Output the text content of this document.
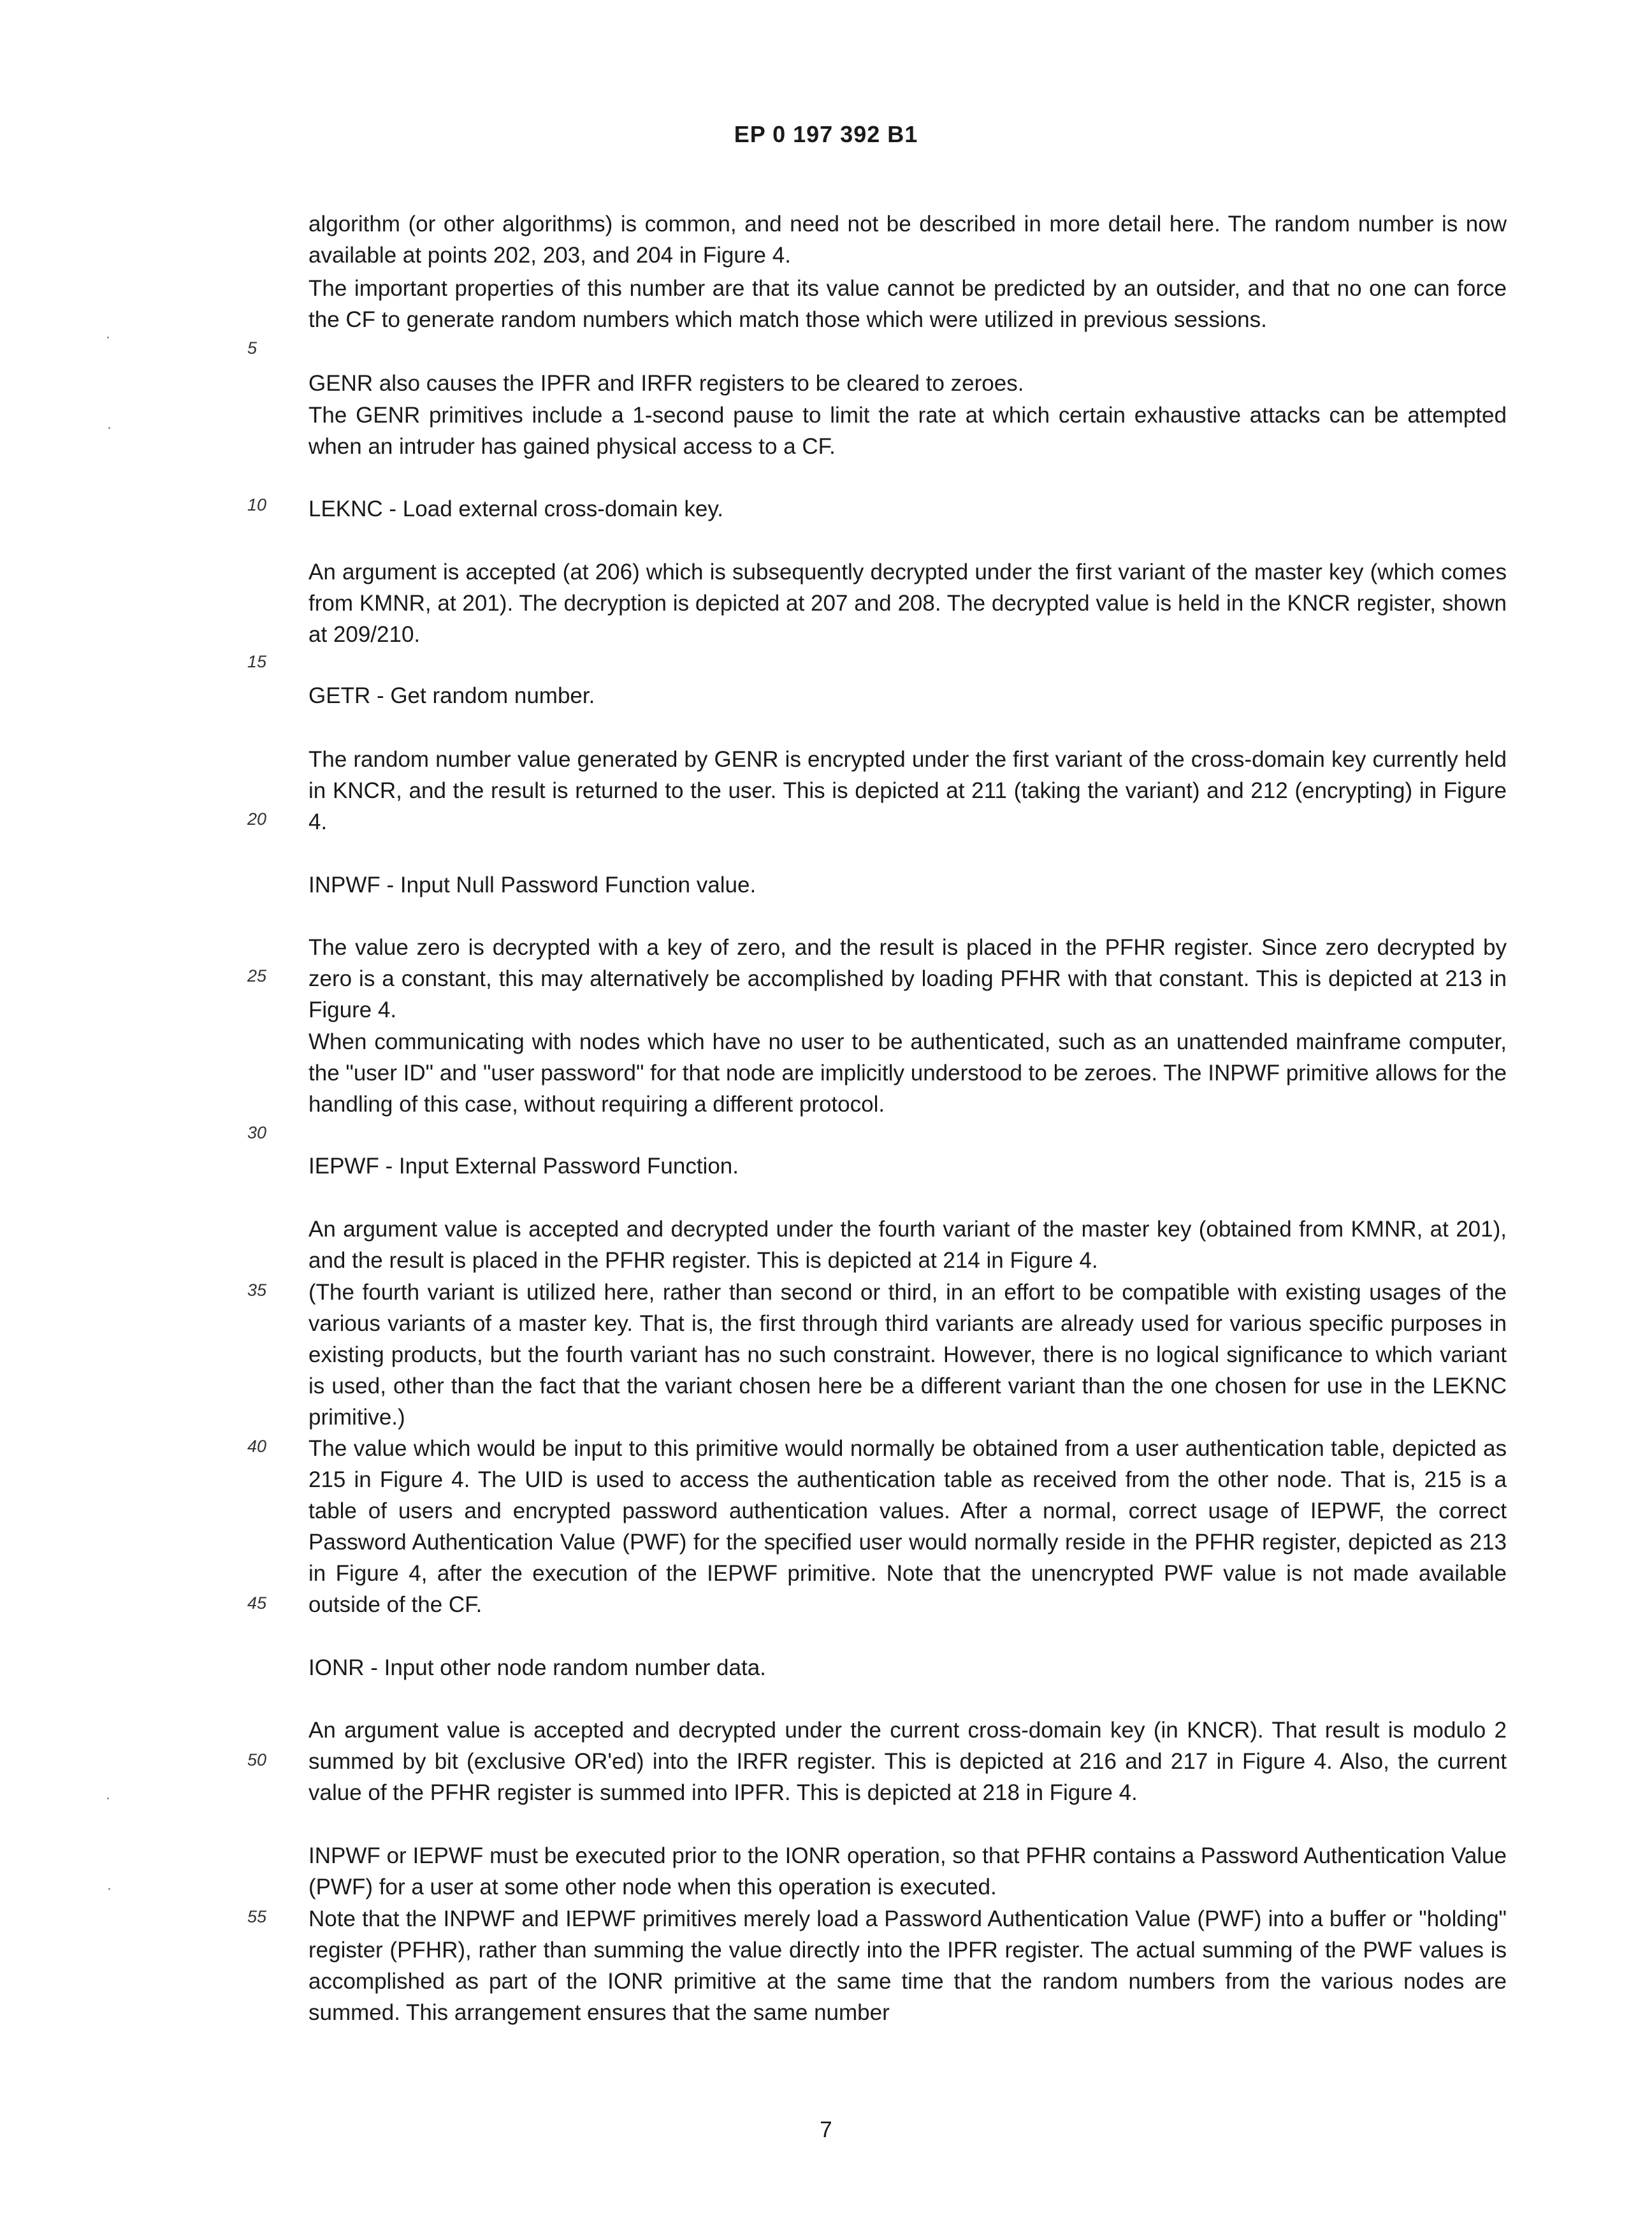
EP 0 197 392 B1

algorithm (or other algorithms) is common, and need not be described in more detail here. The random number is now available at points 202, 203, and 204 in Figure 4.

The important properties of this number are that its value cannot be predicted by an outsider, and that no one can force the CF to generate random numbers which match those which were utilized in previous sessions.

GENR also causes the IPFR and IRFR registers to be cleared to zeroes.

The GENR primitives include a 1-second pause to limit the rate at which certain exhaustive attacks can be attempted when an intruder has gained physical access to a CF.

LEKNC - Load external cross-domain key.

An argument is accepted (at 206) which is subsequently decrypted under the first variant of the master key (which comes from KMNR, at 201). The decryption is depicted at 207 and 208. The decrypted value is held in the KNCR register, shown at 209/210.

GETR - Get random number.

The random number value generated by GENR is encrypted under the first variant of the cross-domain key currently held in KNCR, and the result is returned to the user. This is depicted at 211 (taking the variant) and 212 (encrypting) in Figure 4.

INPWF - Input Null Password Function value.

The value zero is decrypted with a key of zero, and the result is placed in the PFHR register. Since zero decrypted by zero is a constant, this may alternatively be accomplished by loading PFHR with that constant. This is depicted at 213 in Figure 4.

When communicating with nodes which have no user to be authenticated, such as an unattended mainframe computer, the "user ID" and "user password" for that node are implicitly understood to be zeroes. The INPWF primitive allows for the handling of this case, without requiring a different protocol.

IEPWF - Input External Password Function.

An argument value is accepted and decrypted under the fourth variant of the master key (obtained from KMNR, at 201), and the result is placed in the PFHR register. This is depicted at 214 in Figure 4.

(The fourth variant is utilized here, rather than second or third, in an effort to be compatible with existing usages of the various variants of a master key. That is, the first through third variants are already used for various specific purposes in existing products, but the fourth variant has no such constraint. However, there is no logical significance to which variant is used, other than the fact that the variant chosen here be a different variant than the one chosen for use in the LEKNC primitive.)

The value which would be input to this primitive would normally be obtained from a user authentication table, depicted as 215 in Figure 4. The UID is used to access the authentication table as received from the other node. That is, 215 is a table of users and encrypted password authentication values. After a normal, correct usage of IEPWF, the correct Password Authentication Value (PWF) for the specified user would normally reside in the PFHR register, depicted as 213 in Figure 4, after the execution of the IEPWF primitive. Note that the unencrypted PWF value is not made available outside of the CF.

IONR - Input other node random number data.

An argument value is accepted and decrypted under the current cross-domain key (in KNCR). That result is modulo 2 summed by bit (exclusive OR'ed) into the IRFR register. This is depicted at 216 and 217 in Figure 4. Also, the current value of the PFHR register is summed into IPFR. This is depicted at 218 in Figure 4.

INPWF or IEPWF must be executed prior to the IONR operation, so that PFHR contains a Password Authentication Value (PWF) for a user at some other node when this operation is executed.

Note that the INPWF and IEPWF primitives merely load a Password Authentication Value (PWF) into a buffer or "holding" register (PFHR), rather than summing the value directly into the IPFR register. The actual summing of the PWF values is accomplished as part of the IONR primitive at the same time that the random numbers from the various nodes are summed. This arrangement ensures that the same number

5
10
15
20
25
30
35
40
45
50
55
7
